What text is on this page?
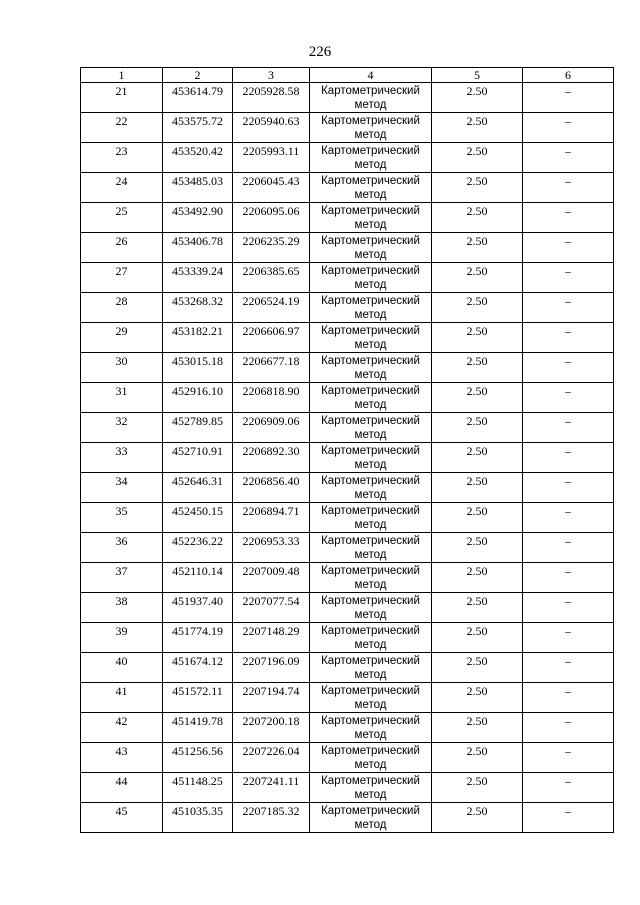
226
1	2	3	4	5	6

21	453614.79	2205928.58	Картометрический метод	2.50	–

22	453575.72	2205940.63	Картометрический метод	2.50	–

23	453520.42	2205993.11	Картометрический метод	2.50	–

24	453485.03	2206045.43	Картометрический метод	2.50	–

25	453492.90	2206095.06	Картометрический метод	2.50	–

26	453406.78	2206235.29	Картометрический метод	2.50	–

27	453339.24	2206385.65	Картометрический метод	2.50	–

28	453268.32	2206524.19	Картометрический метод	2.50	–

29	453182.21	2206606.97	Картометрический метод	2.50	–

30	453015.18	2206677.18	Картометрический метод	2.50	–

31	452916.10	2206818.90	Картометрический метод	2.50	–

32	452789.85	2206909.06	Картометрический метод	2.50	–

33	452710.91	2206892.30	Картометрический метод	2.50	–

34	452646.31	2206856.40	Картометрический метод	2.50	–

35	452450.15	2206894.71	Картометрический метод	2.50	–

36	452236.22	2206953.33	Картометрический метод	2.50	–

37	452110.14	2207009.48	Картометрический метод	2.50	–

38	451937.40	2207077.54	Картометрический метод	2.50	–

39	451774.19	2207148.29	Картометрический метод	2.50	–

40	451674.12	2207196.09	Картометрический метод	2.50	–

41	451572.11	2207194.74	Картометрический метод	2.50	–

42	451419.78	2207200.18	Картометрический метод	2.50	–

43	451256.56	2207226.04	Картометрический метод	2.50	–

44	451148.25	2207241.11	Картометрический метод	2.50	–

45	451035.35	2207185.32	Картометрический метод	2.50	–
